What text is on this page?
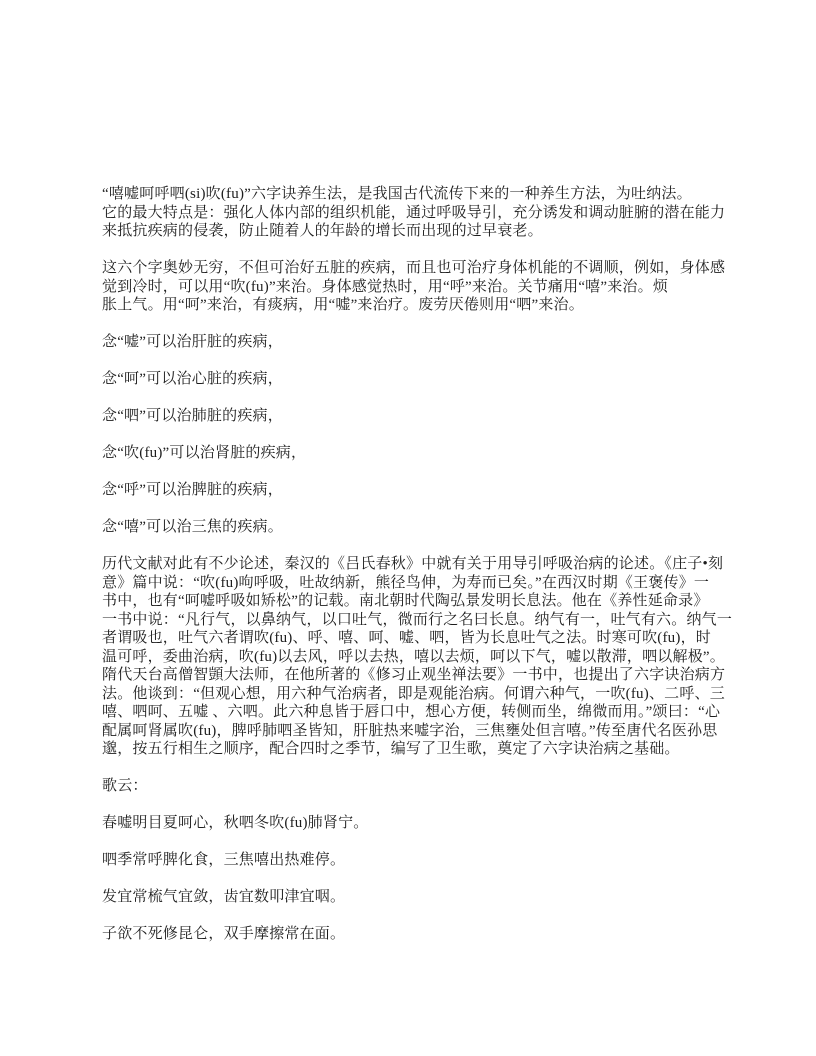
“嘻嘘呵呼呬(si)吹(fu)”六字诀养生法，是我国古代流传下来的一种养生方法，为吐纳法。
它的最大特点是：强化人体内部的组织机能，通过呼吸导引，充分诱发和调动脏腑的潜在能力
来抵抗疾病的侵袭，防止随着人的年龄的增长而出现的过早衰老。

这六个字奥妙无穷，不但可治好五脏的疾病，而且也可治疗身体机能的不调顺，例如，身体感
觉到冷时，可以用“吹(fu)”来治。身体感觉热时，用“呼”来治。关节痛用“嘻”来治。烦
胀上气。用“呵”来治，有痰病，用“嘘”来治疗。废劳厌倦则用“呬”来治。

念“嘘”可以治肝脏的疾病，

念“呵”可以治心脏的疾病，

念“呬”可以治肺脏的疾病，

念“吹(fu)”可以治肾脏的疾病，

念“呼”可以治脾脏的疾病，

念“嘻”可以治三焦的疾病。

历代文献对此有不少论述，秦汉的《吕氏春秋》中就有关于用导引呼吸治病的论述。《庄子•刻
意》篇中说：“吹(fu)呴呼吸，吐故纳新，熊径鸟伸，为寿而已矣。”在西汉时期《王褒传》一
书中，也有“呵嘘呼吸如矫松”的记载。南北朝时代陶弘景发明长息法。他在《养性延命录》
一书中说：“凡行气，以鼻纳气，以口吐气，微而行之名曰长息。纳气有一，吐气有六。纳气一
者谓吸也，吐气六者谓吹(fu)、呼、嘻、呵、嘘、呬，皆为长息吐气之法。时寒可吹(fu)，时
温可呼，委曲治病，吹(fu)以去风，呼以去热，嘻以去烦，呵以下气，嘘以散滞，呬以解极”。
隋代天台高僧智顗大法师，在他所著的《修习止观坐禅法要》一书中，也提出了六字诀治病方
法。他谈到：“但观心想，用六种气治病者，即是观能治病。何谓六种气，一吹(fu)、二呼、三
嘻、呬呵、五嘘 、六呬。此六种息皆于唇口中，想心方便，转侧而坐，绵微而用。”颂曰：“心
配属呵肾属吹(fu)，脾呼肺呬圣皆知，肝脏热来嘘字治，三焦壅处但言嘻。”传至唐代名医孙思
邈，按五行相生之顺序，配合四时之季节，编写了卫生歌，奠定了六字诀治病之基础。

歌云：

春嘘明目夏呵心，秋呬冬吹(fu)肺肾宁。

呬季常呼脾化食，三焦嘻出热难停。

发宜常梳气宜敛，齿宜数叩津宜咽。

子欲不死修昆仑，双手摩擦常在面。
